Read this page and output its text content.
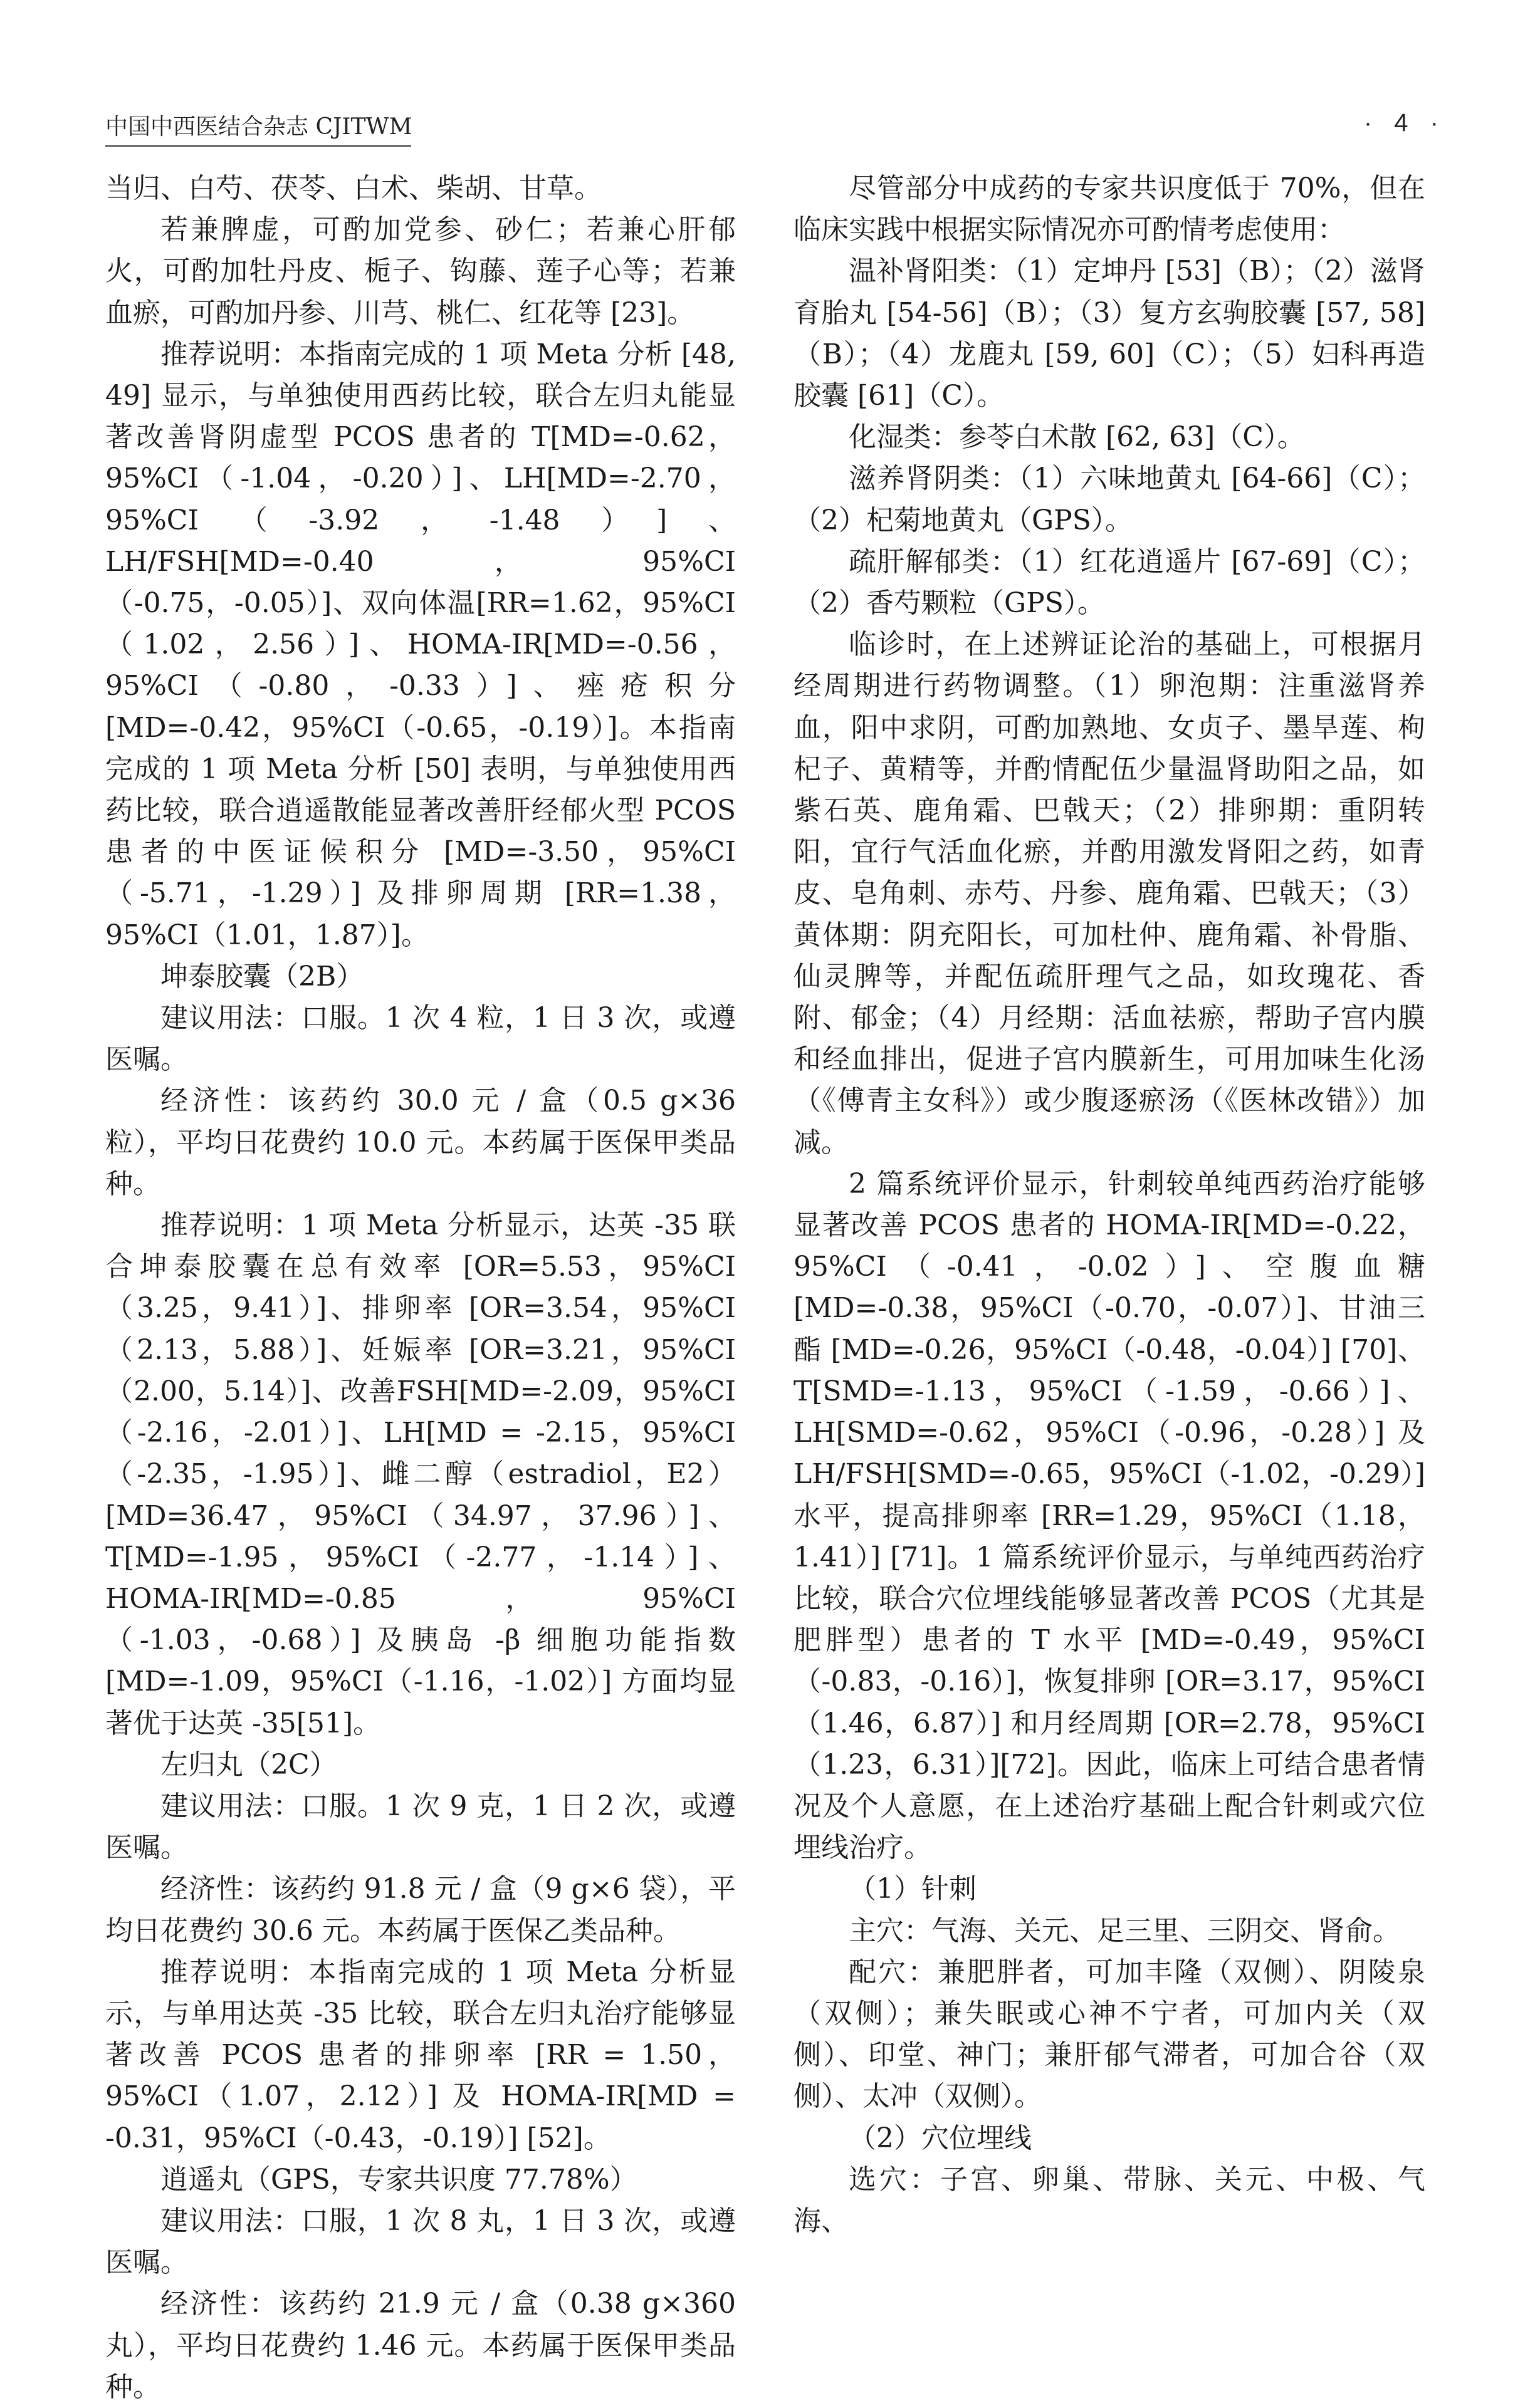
中国中西医结合杂志 CJITWM	· 4 ·

当归、白芍、茯苓、白术、柴胡、甘草。

若兼脾虚，可酌加党参、砂仁；若兼心肝郁火，可酌加牡丹皮、栀子、钩藤、莲子心等；若兼血瘀，可酌加丹参、川芎、桃仁、红花等 [23]。

推荐说明：本指南完成的 1 项 Meta 分析 [48, 49] 显示，与单独使用西药比较，联合左归丸能显著改善肾阴虚型 PCOS 患者的 T[MD=-0.62，95%CI（-1.04，-0.20）]、LH[MD=-2.70，95%CI（-3.92，-1.48）]、LH/FSH[MD=-0.40，95%CI（-0.75，-0.05）]、双向体温[RR=1.62，95%CI（1.02，2.56）]、HOMA-IR[MD=-0.56，95%CI（-0.80，-0.33）]、痤疮积分[MD=-0.42，95%CI（-0.65，-0.19）]。本指南完成的 1 项 Meta 分析 [50] 表明，与单独使用西药比较，联合逍遥散能显著改善肝经郁火型 PCOS 患者的中医证候积分 [MD=-3.50，95%CI（-5.71，-1.29）] 及排卵周期 [RR=1.38，95%CI（1.01，1.87）]。

坤泰胶囊（2B）

建议用法：口服。1 次 4 粒，1 日 3 次，或遵医嘱。

经济性：该药约 30.0 元 / 盒（0.5 g×36 粒），平均日花费约 10.0 元。本药属于医保甲类品种。

推荐说明：1 项 Meta 分析显示，达英 -35 联合坤泰胶囊在总有效率 [OR=5.53，95%CI（3.25，9.41）]、排卵率 [OR=3.54，95%CI（2.13，5.88）]、妊娠率 [OR=3.21，95%CI（2.00，5.14）]、改善FSH[MD=-2.09，95%CI（-2.16，-2.01）]、LH[MD = -2.15，95%CI（-2.35，-1.95）]、雌二醇（estradiol，E2）[MD=36.47，95%CI（34.97，37.96）]、T[MD=-1.95，95%CI（-2.77，-1.14）]、HOMA-IR[MD=-0.85，95%CI（-1.03，-0.68）] 及胰岛 -β 细胞功能指数 [MD=-1.09，95%CI（-1.16，-1.02）] 方面均显著优于达英 -35[51]。

左归丸（2C）

建议用法：口服。1 次 9 克，1 日 2 次，或遵医嘱。

经济性：该药约 91.8 元 / 盒（9 g×6 袋），平均日花费约 30.6 元。本药属于医保乙类品种。

推荐说明：本指南完成的 1 项 Meta 分析显示，与单用达英 -35 比较，联合左归丸治疗能够显著改善 PCOS 患者的排卵率 [RR = 1.50，95%CI（1.07，2.12）] 及 HOMA-IR[MD = -0.31，95%CI（-0.43，-0.19）] [52]。

逍遥丸（GPS，专家共识度 77.78%）

建议用法：口服，1 次 8 丸，1 日 3 次，或遵医嘱。

经济性：该药约 21.9 元 / 盒（0.38 g×360 丸），平均日花费约 1.46 元。本药属于医保甲类品种。

尽管部分中成药的专家共识度低于 70%，但在临床实践中根据实际情况亦可酌情考虑使用：

温补肾阳类：（1）定坤丹 [53]（B）；（2）滋肾育胎丸 [54-56]（B）；（3）复方玄驹胶囊 [57, 58]（B）；（4）龙鹿丸 [59, 60]（C）；（5）妇科再造胶囊 [61]（C）。

化湿类：参苓白术散 [62, 63]（C）。

滋养肾阴类：（1）六味地黄丸 [64-66]（C）；（2）杞菊地黄丸（GPS）。

疏肝解郁类：（1）红花逍遥片 [67-69]（C）；（2）香芍颗粒（GPS）。

临诊时，在上述辨证论治的基础上，可根据月经周期进行药物调整。（1）卵泡期：注重滋肾养血，阳中求阴，可酌加熟地、女贞子、墨旱莲、枸杞子、黄精等，并酌情配伍少量温肾助阳之品，如紫石英、鹿角霜、巴戟天；（2）排卵期：重阴转阳，宜行气活血化瘀，并酌用激发肾阳之药，如青皮、皂角刺、赤芍、丹参、鹿角霜、巴戟天；（3）黄体期：阴充阳长，可加杜仲、鹿角霜、补骨脂、仙灵脾等，并配伍疏肝理气之品，如玫瑰花、香附、郁金；（4）月经期：活血祛瘀，帮助子宫内膜和经血排出，促进子宫内膜新生，可用加味生化汤（《傅青主女科》）或少腹逐瘀汤（《医林改错》）加减。

2 篇系统评价显示，针刺较单纯西药治疗能够显著改善 PCOS 患者的 HOMA-IR[MD=-0.22，95%CI（-0.41，-0.02）]、空腹血糖 [MD=-0.38，95%CI（-0.70，-0.07）]、甘油三酯 [MD=-0.26，95%CI（-0.48，-0.04）] [70]、T[SMD=-1.13，95%CI（-1.59，-0.66）]、LH[SMD=-0.62，95%CI（-0.96，-0.28）] 及 LH/FSH[SMD=-0.65，95%CI（-1.02，-0.29）] 水平，提高排卵率 [RR=1.29，95%CI（1.18，1.41）] [71]。1 篇系统评价显示，与单纯西药治疗比较，联合穴位埋线能够显著改善 PCOS（尤其是肥胖型）患者的 T 水平 [MD=-0.49，95%CI（-0.83，-0.16）]，恢复排卵 [OR=3.17，95%CI（1.46，6.87）] 和月经周期 [OR=2.78，95%CI（1.23，6.31）][72]。因此，临床上可结合患者情况及个人意愿，在上述治疗基础上配合针刺或穴位埋线治疗。

（1）针刺

主穴：气海、关元、足三里、三阴交、肾俞。

配穴：兼肥胖者，可加丰隆（双侧）、阴陵泉（双侧）；兼失眠或心神不宁者，可加内关（双侧）、印堂、神门；兼肝郁气滞者，可加合谷（双侧）、太冲（双侧）。

（2）穴位埋线

选穴：子宫、卵巢、带脉、关元、中极、气海、
